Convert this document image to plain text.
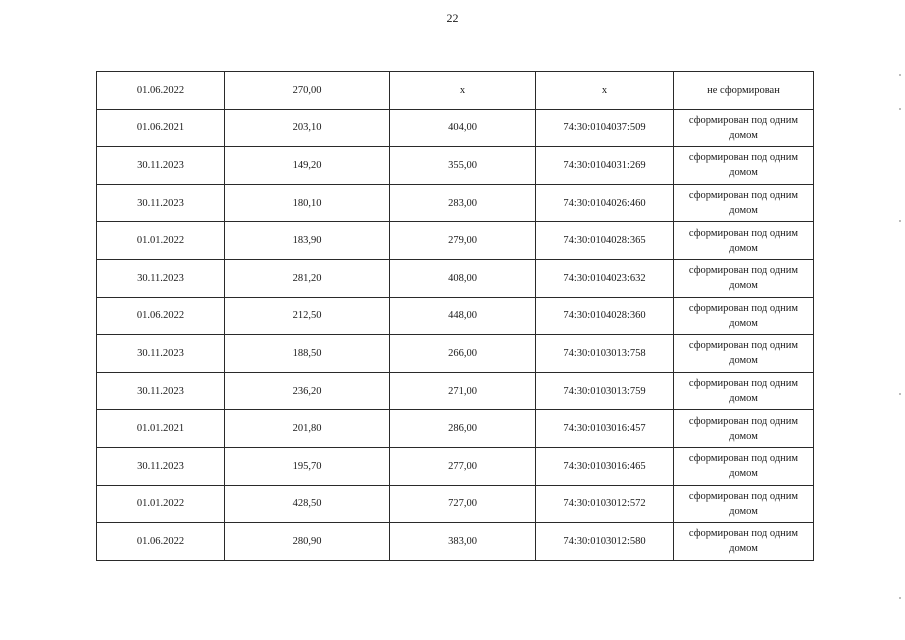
22
01.06.2022	270,00	х	х	не сформирован

01.06.2021	203,10	404,00	74:30:0104037:509	сформирован под одним домом

30.11.2023	149,20	355,00	74:30:0104031:269	сформирован под одним домом

30.11.2023	180,10	283,00	74:30:0104026:460	сформирован под одним домом

01.01.2022	183,90	279,00	74:30:0104028:365	сформирован под одним домом

30.11.2023	281,20	408,00	74:30:0104023:632	сформирован под одним домом

01.06.2022	212,50	448,00	74:30:0104028:360	сформирован под одним домом

30.11.2023	188,50	266,00	74:30:0103013:758	сформирован под одним домом

30.11.2023	236,20	271,00	74:30:0103013:759	сформирован под одним домом

01.01.2021	201,80	286,00	74:30:0103016:457	сформирован под одним домом

30.11.2023	195,70	277,00	74:30:0103016:465	сформирован под одним домом

01.01.2022	428,50	727,00	74:30:0103012:572	сформирован под одним домом

01.06.2022	280,90	383,00	74:30:0103012:580	сформирован под одним домом
